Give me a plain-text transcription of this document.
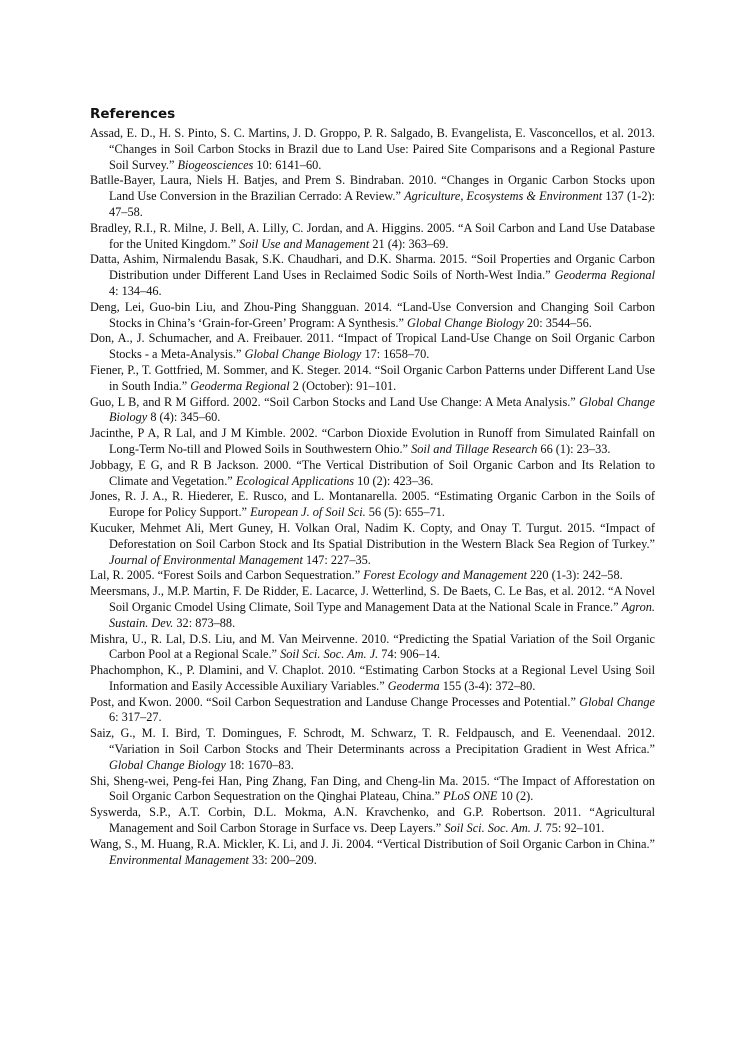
References
Assad, E. D., H. S. Pinto, S. C. Martins, J. D. Groppo, P. R. Salgado, B. Evangelista, E. Vasconcellos, et al. 2013. “Changes in Soil Carbon Stocks in Brazil due to Land Use: Paired Site Comparisons and a Regional Pasture Soil Survey.” Biogeosciences 10: 6141–60.
Batlle-Bayer, Laura, Niels H. Batjes, and Prem S. Bindraban. 2010. “Changes in Organic Carbon Stocks upon Land Use Conversion in the Brazilian Cerrado: A Review.” Agriculture, Ecosystems & Environment 137 (1-2): 47–58.
Bradley, R.I., R. Milne, J. Bell, A. Lilly, C. Jordan, and A. Higgins. 2005. “A Soil Carbon and Land Use Database for the United Kingdom.” Soil Use and Management 21 (4): 363–69.
Datta, Ashim, Nirmalendu Basak, S.K. Chaudhari, and D.K. Sharma. 2015. “Soil Properties and Organic Carbon Distribution under Different Land Uses in Reclaimed Sodic Soils of North-West India.” Geoderma Regional 4: 134–46.
Deng, Lei, Guo-bin Liu, and Zhou-Ping Shangguan. 2014. “Land-Use Conversion and Changing Soil Carbon Stocks in China’s ‘Grain-for-Green’ Program: A Synthesis.” Global Change Biology 20: 3544–56.
Don, A., J. Schumacher, and A. Freibauer. 2011. “Impact of Tropical Land-Use Change on Soil Organic Carbon Stocks - a Meta-Analysis.” Global Change Biology 17: 1658–70.
Fiener, P., T. Gottfried, M. Sommer, and K. Steger. 2014. “Soil Organic Carbon Patterns under Different Land Use in South India.” Geoderma Regional 2 (October): 91–101.
Guo, L B, and R M Gifford. 2002. “Soil Carbon Stocks and Land Use Change: A Meta Analysis.” Global Change Biology 8 (4): 345–60.
Jacinthe, P A, R Lal, and J M Kimble. 2002. “Carbon Dioxide Evolution in Runoff from Simulated Rainfall on Long-Term No-till and Plowed Soils in Southwestern Ohio.” Soil and Tillage Research 66 (1): 23–33.
Jobbagy, E G, and R B Jackson. 2000. “The Vertical Distribution of Soil Organic Carbon and Its Relation to Climate and Vegetation.” Ecological Applications 10 (2): 423–36.
Jones, R. J. A., R. Hiederer, E. Rusco, and L. Montanarella. 2005. “Estimating Organic Carbon in the Soils of Europe for Policy Support.” European J. of Soil Sci. 56 (5): 655–71.
Kucuker, Mehmet Ali, Mert Guney, H. Volkan Oral, Nadim K. Copty, and Onay T. Turgut. 2015. “Impact of Deforestation on Soil Carbon Stock and Its Spatial Distribution in the Western Black Sea Region of Turkey.” Journal of Environmental Management 147: 227–35.
Lal, R. 2005. “Forest Soils and Carbon Sequestration.” Forest Ecology and Management 220 (1-3): 242–58.
Meersmans, J., M.P. Martin, F. De Ridder, E. Lacarce, J. Wetterlind, S. De Baets, C. Le Bas, et al. 2012. “A Novel Soil Organic Cmodel Using Climate, Soil Type and Management Data at the National Scale in France.” Agron. Sustain. Dev. 32: 873–88.
Mishra, U., R. Lal, D.S. Liu, and M. Van Meirvenne. 2010. “Predicting the Spatial Variation of the Soil Organic Carbon Pool at a Regional Scale.” Soil Sci. Soc. Am. J. 74: 906–14.
Phachomphon, K., P. Dlamini, and V. Chaplot. 2010. “Estimating Carbon Stocks at a Regional Level Using Soil Information and Easily Accessible Auxiliary Variables.” Geoderma 155 (3-4): 372–80.
Post, and Kwon. 2000. “Soil Carbon Sequestration and Landuse Change Processes and Potential.” Global Change 6: 317–27.
Saiz, G., M. I. Bird, T. Domingues, F. Schrodt, M. Schwarz, T. R. Feldpausch, and E. Veenendaal. 2012. “Variation in Soil Carbon Stocks and Their Determinants across a Precipitation Gradient in West Africa.” Global Change Biology 18: 1670–83.
Shi, Sheng-wei, Peng-fei Han, Ping Zhang, Fan Ding, and Cheng-lin Ma. 2015. “The Impact of Afforestation on Soil Organic Carbon Sequestration on the Qinghai Plateau, China.” PLoS ONE 10 (2).
Syswerda, S.P., A.T. Corbin, D.L. Mokma, A.N. Kravchenko, and G.P. Robertson. 2011. “Agricultural Management and Soil Carbon Storage in Surface vs. Deep Layers.” Soil Sci. Soc. Am. J. 75: 92–101.
Wang, S., M. Huang, R.A. Mickler, K. Li, and J. Ji. 2004. “Vertical Distribution of Soil Organic Carbon in China.” Environmental Management 33: 200–209.
